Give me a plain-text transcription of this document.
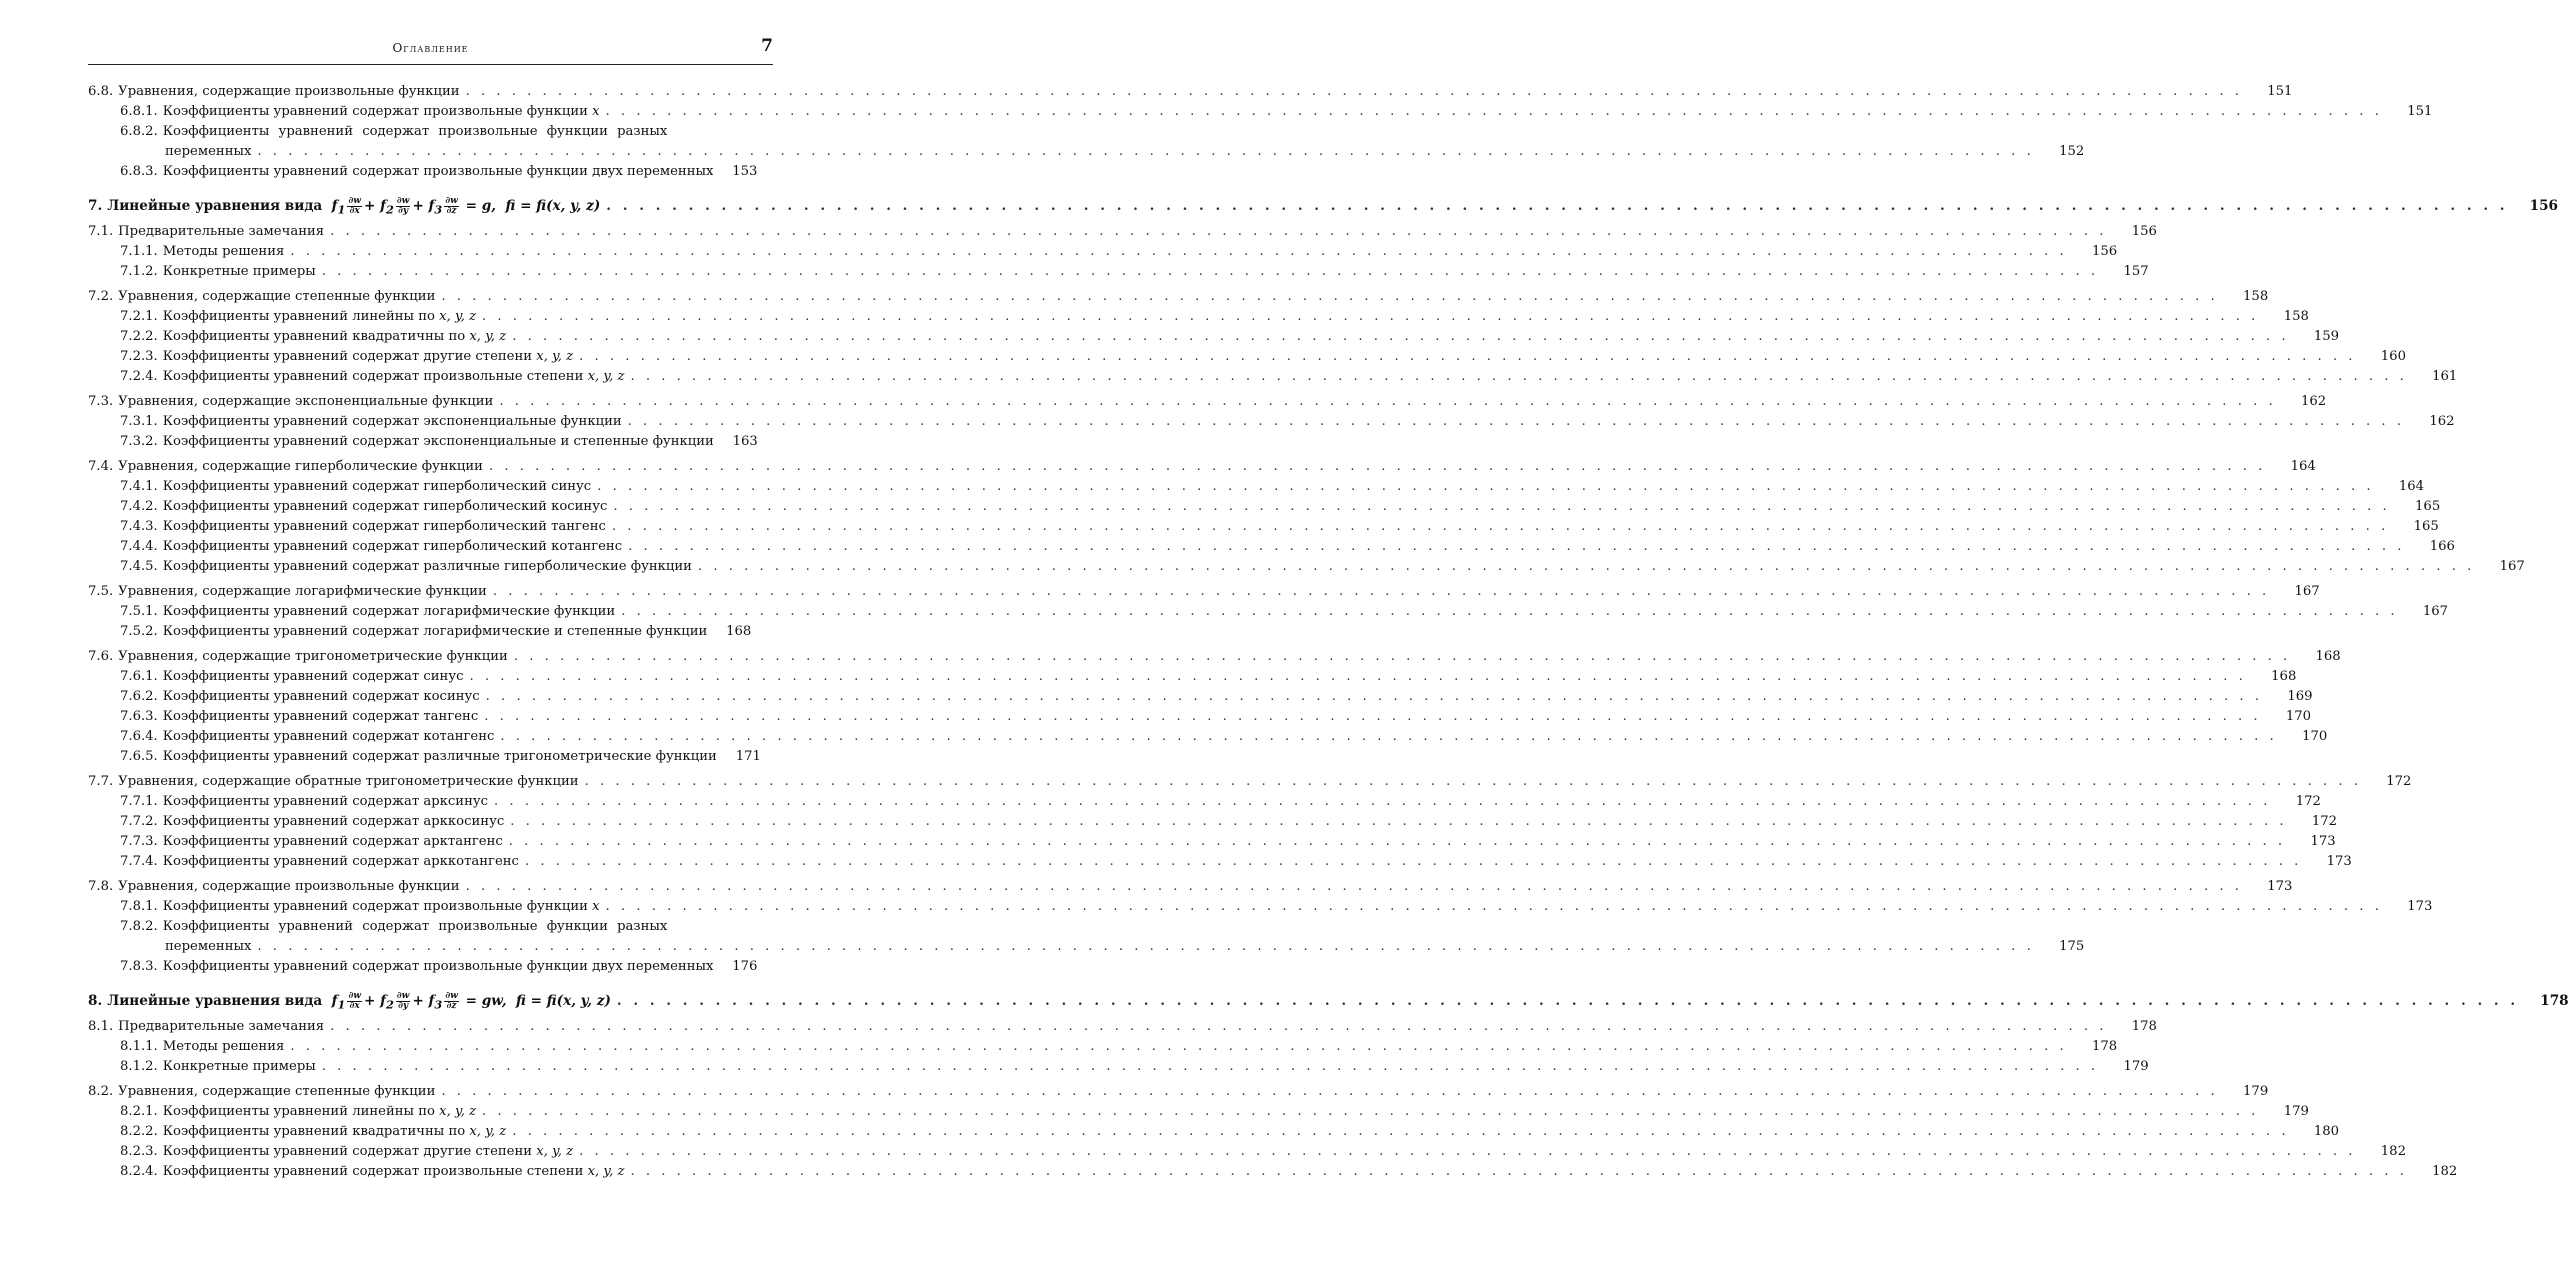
Оглавление	7
6.8. Уравнения, содержащие произвольные функции . . .	151
6.8.1. Коэффициенты уравнений содержат произвольные функции x . . .	151
6.8.2. Коэффициенты уравнений содержат произвольные функции разных
переменных . . .	152
6.8.3. Коэффициенты уравнений содержат произвольные функции двух переменных	153
7. Линейные уравнения вида  $f_1 \frac{\partial w}{\partial x} + f_2 \frac{\partial w}{\partial y} + f_3 \frac{\partial w}{\partial z} = g$, fi = fi(x, y, z) . . .	156
7.1. Предварительные замечания . . .	156
7.1.1. Методы решения . . .	156
7.1.2. Конкретные примеры . . .	157
7.2. Уравнения, содержащие степенные функции . . .	158
7.2.1. Коэффициенты уравнений линейны по x, y, z . . .	158
7.2.2. Коэффициенты уравнений квадратичны по x, y, z . . .	159
7.2.3. Коэффициенты уравнений содержат другие степени x, y, z . . .	160
7.2.4. Коэффициенты уравнений содержат произвольные степени x, y, z . . .	161
7.3. Уравнения, содержащие экспоненциальные функции . . .	162
7.3.1. Коэффициенты уравнений содержат экспоненциальные функции . . .	162
7.3.2. Коэффициенты уравнений содержат экспоненциальные и степенные функции	163
7.4. Уравнения, содержащие гиперболические функции . . .	164
7.4.1. Коэффициенты уравнений содержат гиперболический синус . . .	164
7.4.2. Коэффициенты уравнений содержат гиперболический косинус . . .	165
7.4.3. Коэффициенты уравнений содержат гиперболический тангенс . . .	165
7.4.4. Коэффициенты уравнений содержат гиперболический котангенс . . .	166
7.4.5. Коэффициенты уравнений содержат различные гиперболические функции . . .	167
7.5. Уравнения, содержащие логарифмические функции . . .	167
7.5.1. Коэффициенты уравнений содержат логарифмические функции . . .	167
7.5.2. Коэффициенты уравнений содержат логарифмические и степенные функции	168
7.6. Уравнения, содержащие тригонометрические функции . . .	168
7.6.1. Коэффициенты уравнений содержат синус . . .	168
7.6.2. Коэффициенты уравнений содержат косинус . . .	169
7.6.3. Коэффициенты уравнений содержат тангенс . . .	170
7.6.4. Коэффициенты уравнений содержат котангенс . . .	170
7.6.5. Коэффициенты уравнений содержат различные тригонометрические функции	171
7.7. Уравнения, содержащие обратные тригонометрические функции . . .	172
7.7.1. Коэффициенты уравнений содержат арксинус . . .	172
7.7.2. Коэффициенты уравнений содержат арккосинус . . .	172
7.7.3. Коэффициенты уравнений содержат арктангенс . . .	173
7.7.4. Коэффициенты уравнений содержат арккотангенс . . .	173
7.8. Уравнения, содержащие произвольные функции . . .	173
7.8.1. Коэффициенты уравнений содержат произвольные функции x . . .	173
7.8.2. Коэффициенты уравнений содержат произвольные функции разных
переменных . . .	175
7.8.3. Коэффициенты уравнений содержат произвольные функции двух переменных	176
8. Линейные уравнения вида  $f_1 \frac{\partial w}{\partial x} + f_2 \frac{\partial w}{\partial y} + f_3 \frac{\partial w}{\partial z}$ = gw, fi = fi(x, y, z) . . .	178
8.1. Предварительные замечания . . .	178
8.1.1. Методы решения . . .	178
8.1.2. Конкретные примеры . . .	179
8.2. Уравнения, содержащие степенные функции . . .	179
8.2.1. Коэффициенты уравнений линейны по x, y, z . . .	179
8.2.2. Коэффициенты уравнений квадратичны по x, y, z . . .	180
8.2.3. Коэффициенты уравнений содержат другие степени x, y, z . . .	182
8.2.4. Коэффициенты уравнений содержат произвольные степени x, y, z . . .	182
